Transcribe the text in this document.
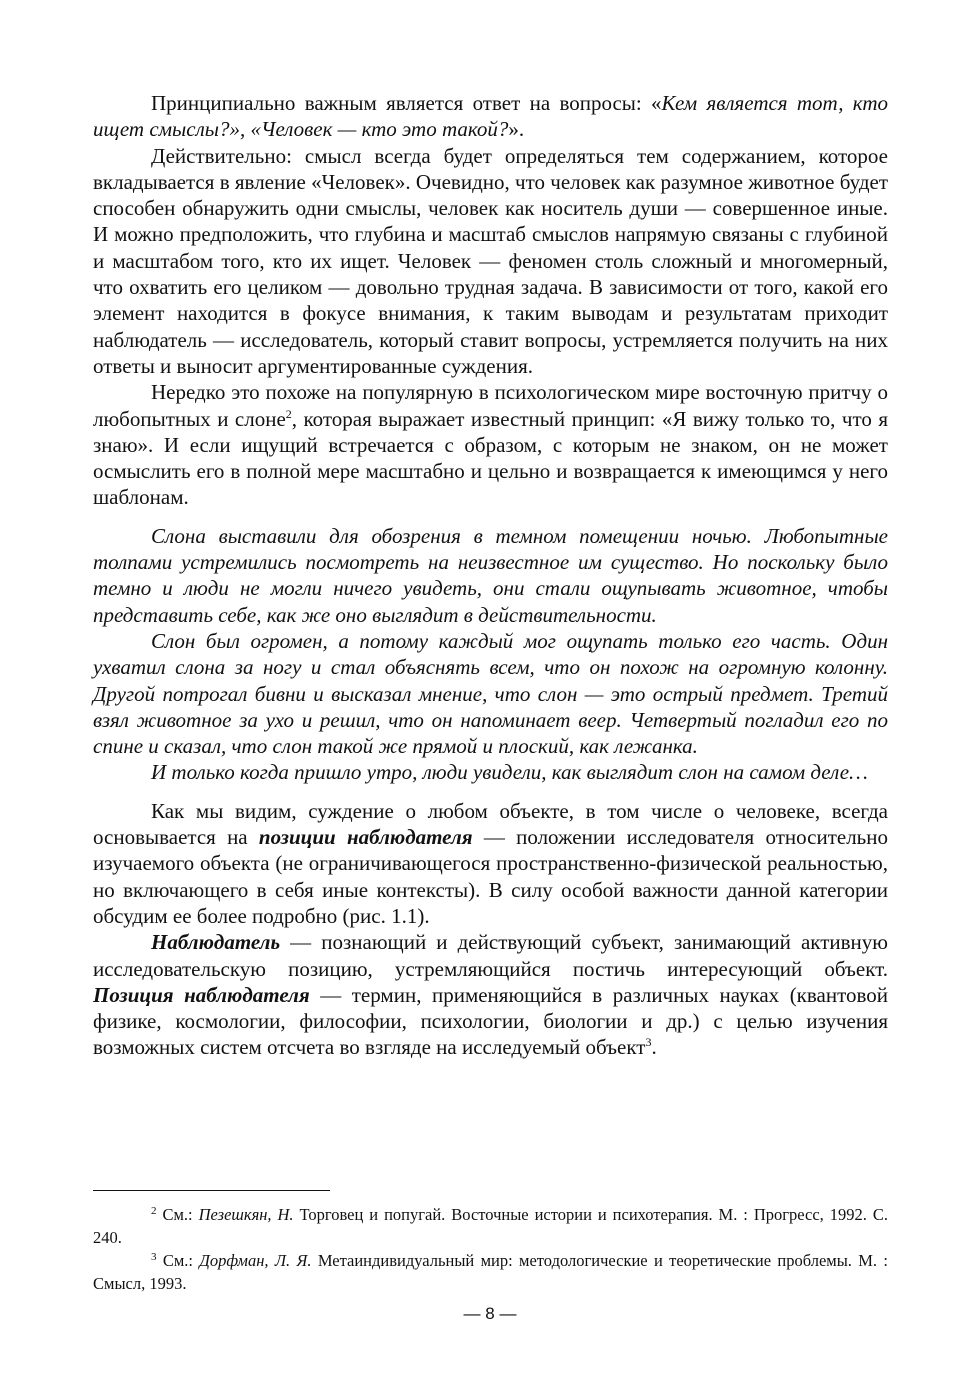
Принципиально важным является ответ на вопросы: «Кем является тот, кто ищет смыслы?», «Человек — кто это такой?».

Действительно: смысл всегда будет определяться тем содержанием, которое вкладывается в явление «Человек». Очевидно, что человек как разумное животное будет способен обнаружить одни смыслы, человек как носитель души — совершенное иные. И можно предположить, что глубина и масштаб смыслов напрямую связаны с глубиной и масштабом того, кто их ищет. Человек — феномен столь сложный и многомерный, что охватить его целиком — довольно трудная задача. В зависимости от того, какой его элемент находится в фокусе внимания, к таким выводам и результатам приходит наблюдатель — исследователь, который ставит вопросы, устремляется получить на них ответы и выносит аргументированные суждения.

Нередко это похоже на популярную в психологическом мире восточную притчу о любопытных и слоне$^2$, которая выражает известный принцип: «Я вижу только то, что я знаю». И если ищущий встречается с образом, с которым не знаком, он не может осмыслить его в полной мере масштабно и цельно и возвращается к имеющимся у него шаблонам.

Слона выставили для обозрения в темном помещении ночью. Любопытные толпами устремились посмотреть на неизвестное им существо. Но поскольку было темно и люди не могли ничего увидеть, они стали ощупывать животное, чтобы представить себе, как же оно выглядит в действительности.

Слон был огромен, а потому каждый мог ощупать только его часть. Один ухватил слона за ногу и стал объяснять всем, что он похож на огромную колонну. Другой потрогал бивни и высказал мнение, что слон — это острый предмет. Третий взял животное за ухо и решил, что он напоминает веер. Четвертый погладил его по спине и сказал, что слон такой же прямой и плоский, как лежанка.

И только когда пришло утро, люди увидели, как выглядит слон на самом деле…

Как мы видим, суждение о любом объекте, в том числе о человеке, всегда основывается на позиции наблюдателя — положении исследователя относительно изучаемого объекта (не ограничивающегося пространственно-физической реальностью, но включающего в себя иные контексты). В силу особой важности данной категории обсудим ее более подробно (рис. 1.1).

Наблюдатель — познающий и действующий субъект, занимающий активную исследовательскую позицию, устремляющийся постичь интересующий объект. Позиция наблюдателя — термин, применяющийся в различных науках (квантовой физике, космологии, философии, психологии, биологии и др.) с целью изучения возможных систем отсчета во взгляде на исследуемый объект$^3$.

$^2$ См.: Пезешкян, Н. Торговец и попугай. Восточные истории и психотерапия. М. : Прогресс, 1992. С. 240.

$^3$ См.: Дорфман, Л. Я. Метаиндивидуальный мир: методологические и теоретические проблемы. М. : Смысл, 1993.

— 8 —
